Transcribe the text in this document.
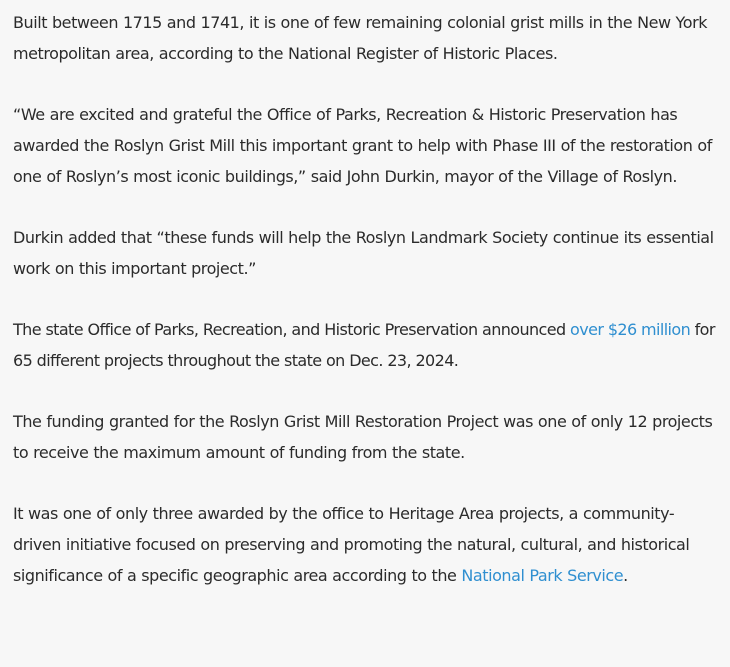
Built between 1715 and 1741, it is one of few remaining colonial grist mills in the New York metropolitan area, according to the National Register of Historic Places.

“We are excited and grateful the Office of Parks, Recreation & Historic Preservation has awarded the Roslyn Grist Mill this important grant to help with Phase III of the restoration of one of Roslyn’s most iconic buildings,” said John Durkin, mayor of the Village of Roslyn.

Durkin added that “these funds will help the Roslyn Landmark Society continue its essential work on this important project.”

The state Office of Parks, Recreation, and Historic Preservation announced over $26 million for 65 different projects throughout the state on Dec. 23, 2024.

The funding granted for the Roslyn Grist Mill Restoration Project was one of only 12 projects to receive the maximum amount of funding from the state.

It was one of only three awarded by the office to Heritage Area projects, a community-driven initiative focused on preserving and promoting the natural, cultural, and historical significance of a specific geographic area according to the National Park Service.
